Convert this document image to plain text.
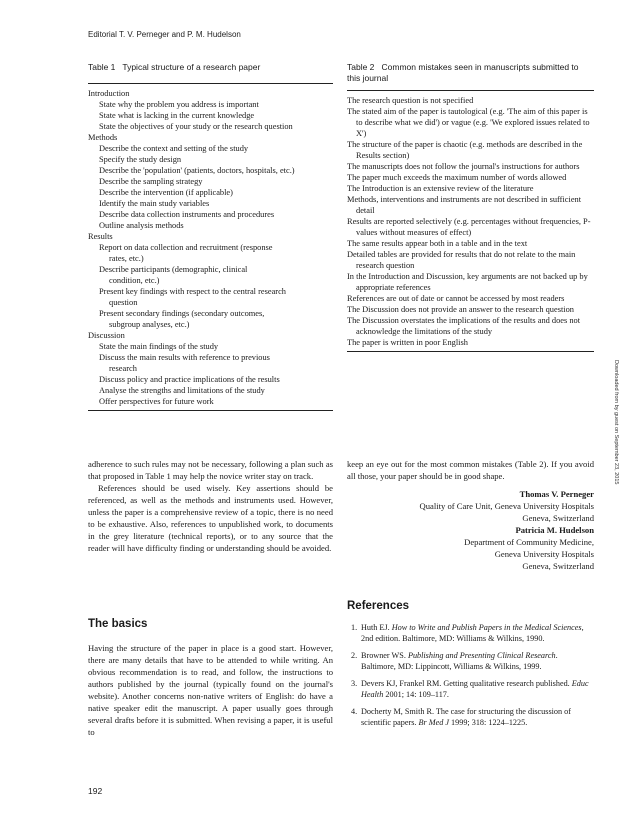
Editorial T. V. Perneger and P. M. Hudelson

Table 1 Typical structure of a research paper

Introduction
State why the problem you address is important
State what is lacking in the current knowledge
State the objectives of your study or the research question
Methods
Describe the context and setting of the study
Specify the study design
Describe the 'population' (patients, doctors, hospitals, etc.)
Describe the sampling strategy
Describe the intervention (if applicable)
Identify the main study variables
Describe data collection instruments and procedures
Outline analysis methods
Results
Report on data collection and recruitment (response
rates, etc.)
Describe participants (demographic, clinical
condition, etc.)
Present key findings with respect to the central research
question
Present secondary findings (secondary outcomes,
subgroup analyses, etc.)
Discussion
State the main findings of the study
Discuss the main results with reference to previous
research
Discuss policy and practice implications of the results
Analyse the strengths and limitations of the study
Offer perspectives for future work

adherence to such rules may not be necessary, following a plan such as that proposed in Table 1 may help the novice writer stay on track.

References should be used wisely. Key assertions should be referenced, as well as the methods and instruments used. However, unless the paper is a comprehensive review of a topic, there is no need to be exhaustive. Also, references to unpublished work, to documents in the grey literature (technical reports), or to any source that the reader will have difficulty finding or understanding should be avoided.

The basics

Having the structure of the paper in place is a good start. However, there are many details that have to be attended to while writing. An obvious recommendation is to read, and follow, the instructions to authors published by the journal (typically found on the journal's website). Another concerns non-native writers of English: do have a native speaker edit the manuscript. A paper usually goes through several drafts before it is submitted. When revising a paper, it is useful to

Table 2 Common mistakes seen in manuscripts submitted to this journal

The research question is not specified
The stated aim of the paper is tautological (e.g. 'The aim of this paper is to describe what we did') or vague (e.g. 'We explored issues related to X')
The structure of the paper is chaotic (e.g. methods are described in the Results section)
The manuscripts does not follow the journal's instructions for authors
The paper much exceeds the maximum number of words allowed
The Introduction is an extensive review of the literature
Methods, interventions and instruments are not described in sufficient detail
Results are reported selectively (e.g. percentages without frequencies, P-values without measures of effect)
The same results appear both in a table and in the text
Detailed tables are provided for results that do not relate to the main research question
In the Introduction and Discussion, key arguments are not backed up by appropriate references
References are out of date or cannot be accessed by most readers
The Discussion does not provide an answer to the research question
The Discussion overstates the implications of the results and does not acknowledge the limitations of the study
The paper is written in poor English

keep an eye out for the most common mistakes (Table 2). If you avoid all those, your paper should be in good shape.

Thomas V. Perneger
Quality of Care Unit, Geneva University Hospitals
Geneva, Switzerland
Patricia M. Hudelson
Department of Community Medicine,
Geneva University Hospitals
Geneva, Switzerland
References
1. Huth EJ. How to Write and Publish Papers in the Medical Sciences, 2nd edition. Baltimore, MD: Williams & Wilkins, 1990.
2. Browner WS. Publishing and Presenting Clinical Research. Baltimore, MD: Lippincott, Williams & Wilkins, 1999.
3. Devers KJ, Frankel RM. Getting qualitative research published. Educ Health 2001; 14: 109–117.
4. Docherty M, Smith R. The case for structuring the discussion of scientific papers. Br Med J 1999; 318: 1224–1225.
Downloaded from by guest on September 23, 2015
192
